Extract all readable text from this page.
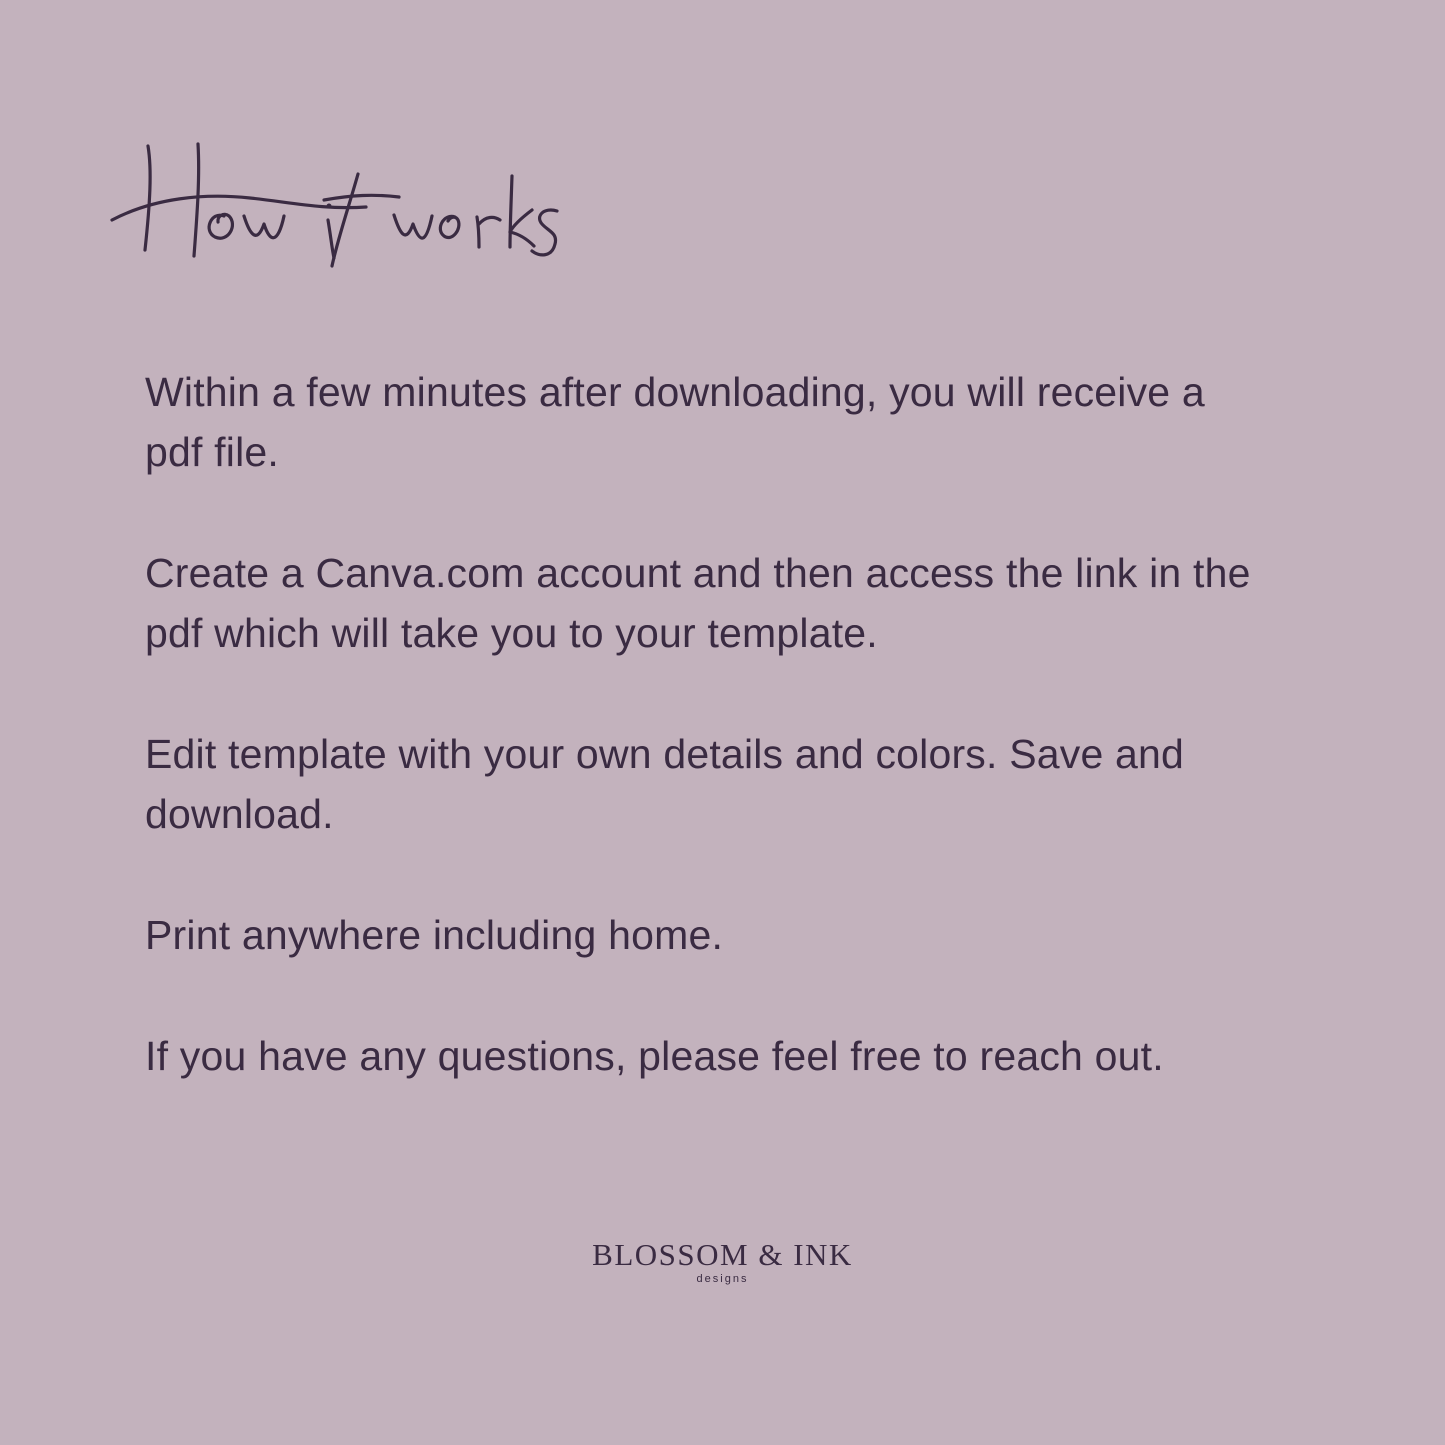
Within a few minutes after downloading, you will receive a pdf file.

Create a Canva.com account and then access the link in the pdf which will take you to your template.

Edit template with your own details and colors. Save and download.

Print anywhere including home.

If you have any questions, please feel free to reach out.

BLOSSOM & INK
designs
